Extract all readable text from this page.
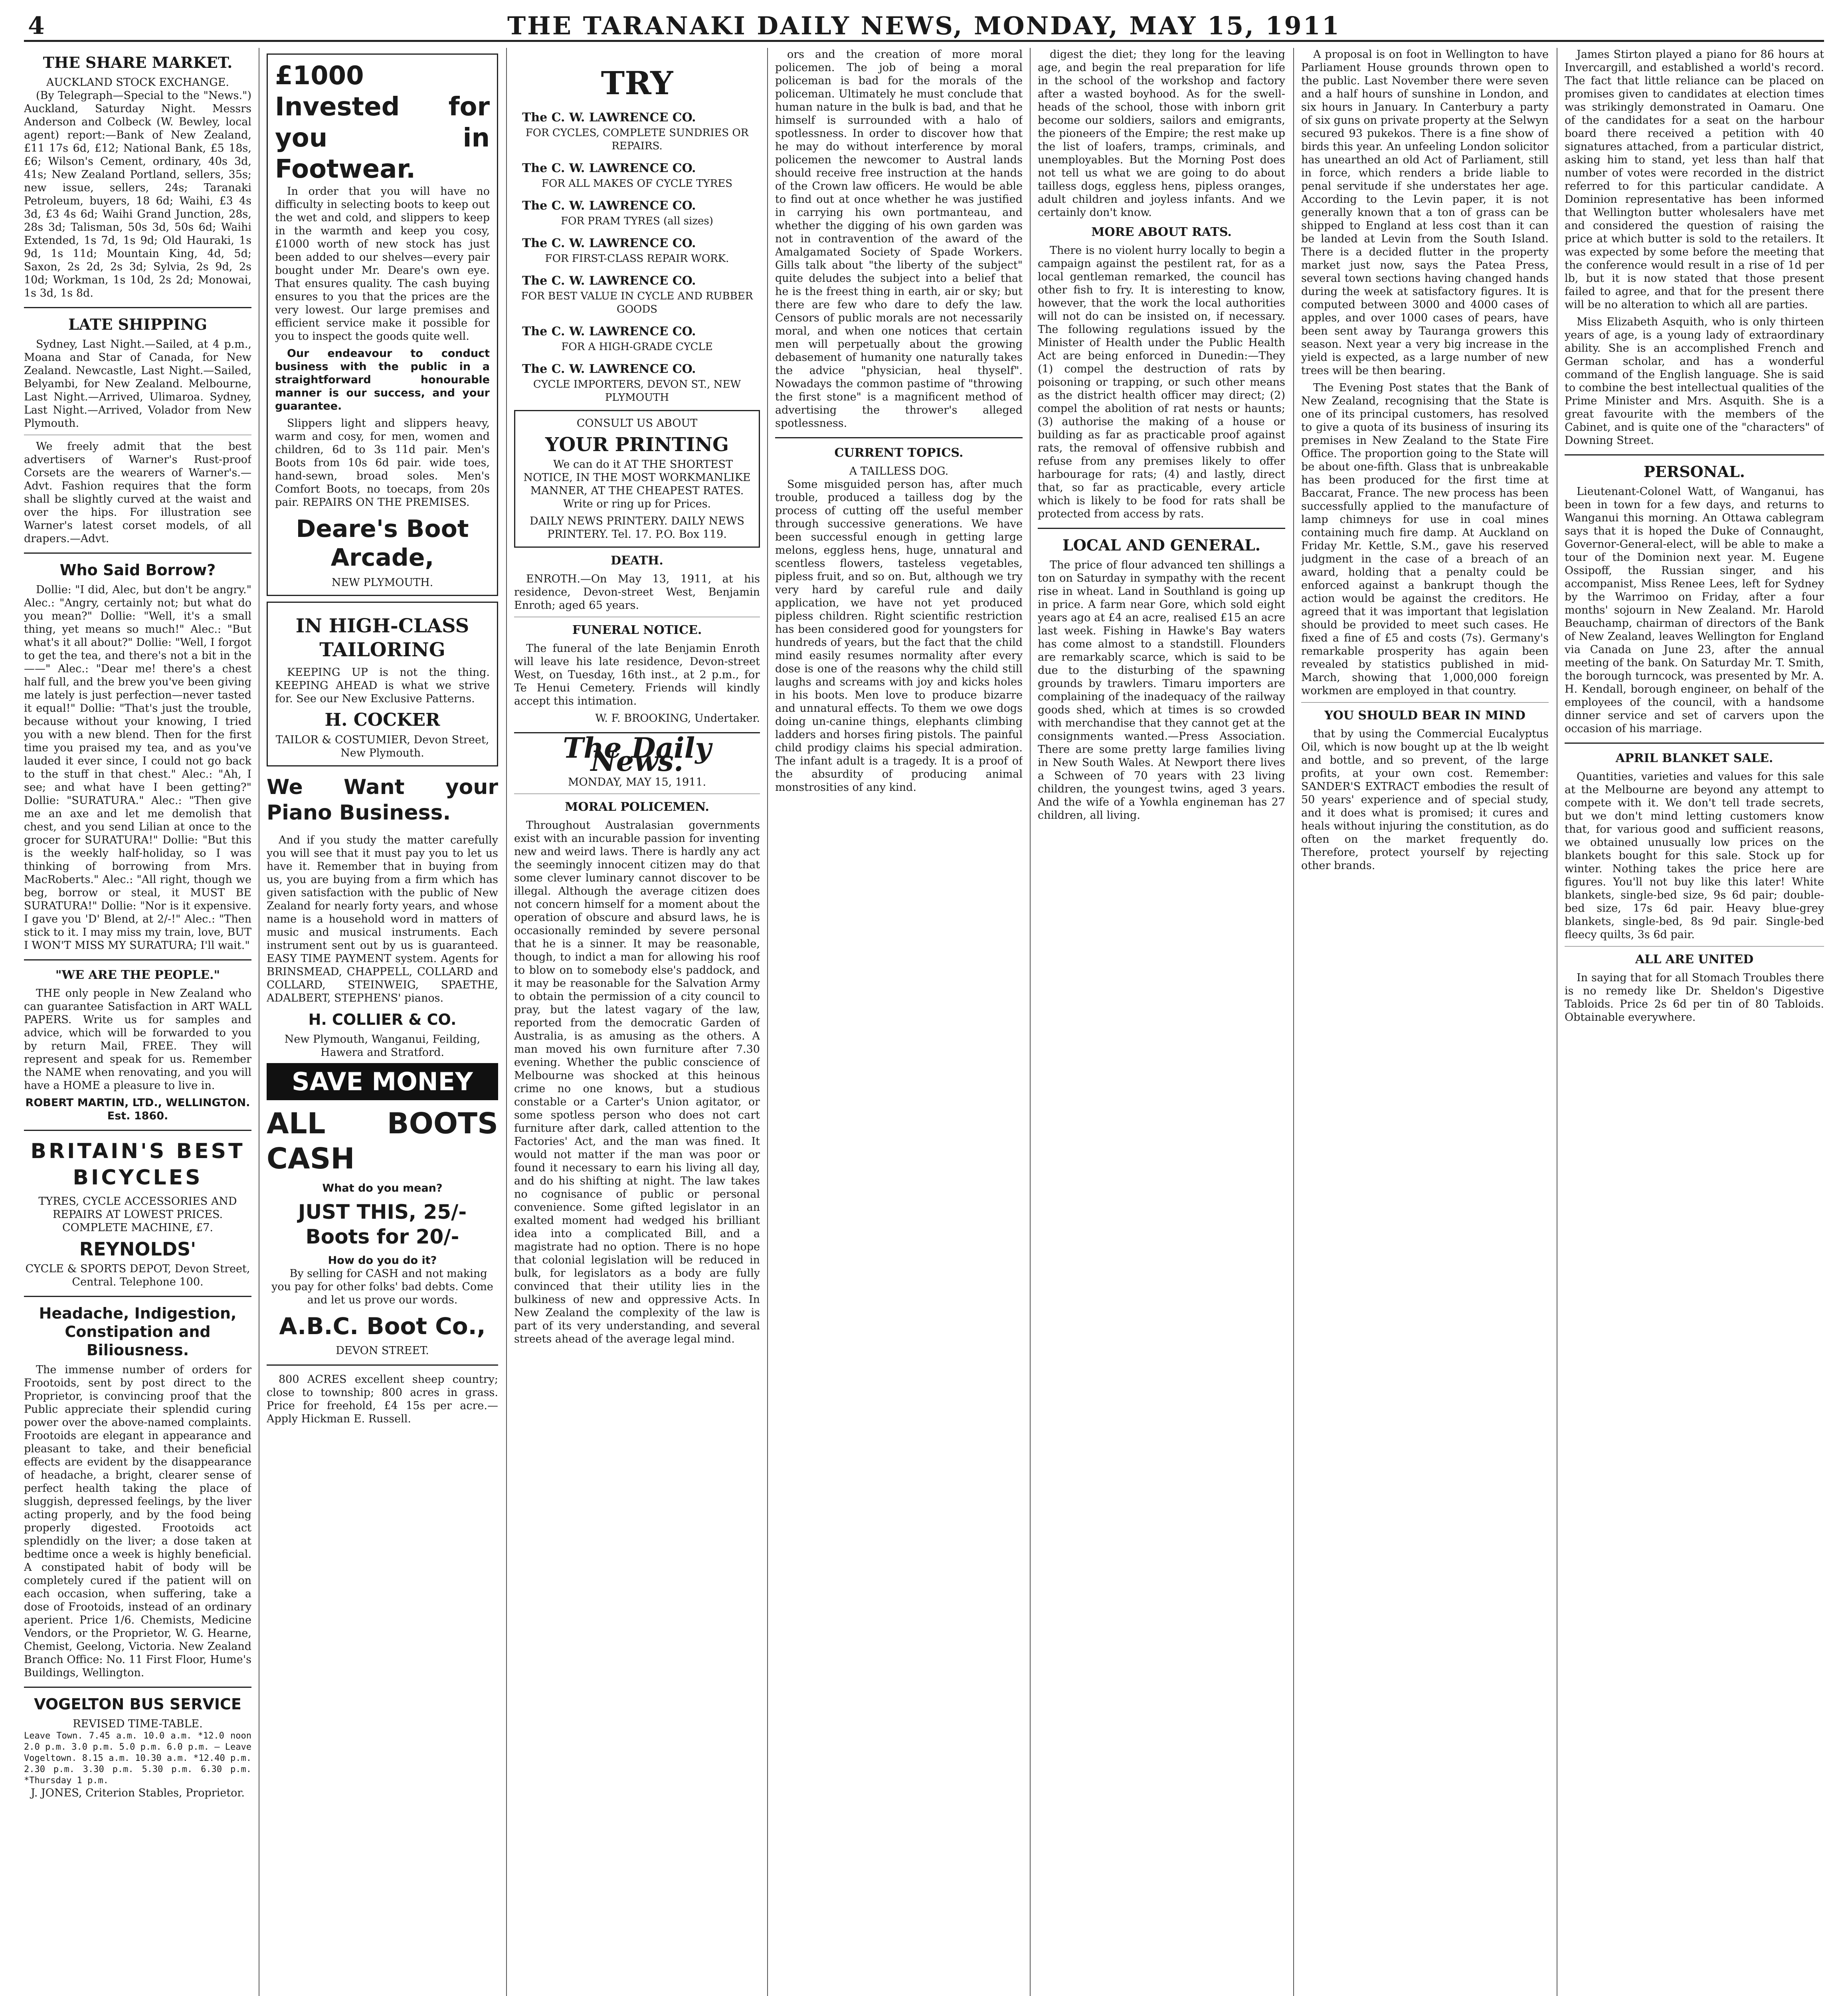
4	THE TARANAKI DAILY NEWS, MONDAY, MAY 15, 1911
THE SHARE MARKET.
AUCKLAND STOCK EXCHANGE.

(By Telegraph—Special to the "News.") Auckland, Saturday Night. Messrs Anderson and Colbeck (W. Bewley, local agent) report:—Bank of New Zealand, £11 17s 6d, £12; National Bank, £5 18s, £6; Wilson's Cement, ordinary, 40s 3d, 41s; New Zealand Portland, sellers, 35s; new issue, sellers, 24s; Taranaki Petroleum, buyers, 18 6d; Waihi, £3 4s 3d, £3 4s 6d; Waihi Grand Junction, 28s, 28s 3d; Talisman, 50s 3d, 50s 6d; Waihi Extended, 1s 7d, 1s 9d; Old Hauraki, 1s 9d, 1s 11d; Mountain King, 4d, 5d; Saxon, 2s 2d, 2s 3d; Sylvia, 2s 9d, 2s 10d; Workman, 1s 10d, 2s 2d; Monowai, 1s 3d, 1s 8d.

LATE SHIPPING

Sydney, Last Night.—Sailed, at 4 p.m., Moana and Star of Canada, for New Zealand. Newcastle, Last Night.—Sailed, Belyambi, for New Zealand. Melbourne, Last Night.—Arrived, Ulimaroa. Sydney, Last Night.—Arrived, Volador from New Plymouth.

We freely admit that the best advertisers of Warner's Rust-proof Corsets are the wearers of Warner's.—Advt. Fashion requires that the form shall be slightly curved at the waist and over the hips. For illustration see Warner's latest corset models, of all drapers.—Advt.

Who Said Borrow?

Dollie: "I did, Alec, but don't be angry." Alec.: "Angry, certainly not; but what do you mean?" Dollie: "Well, it's a small thing, yet means so much!" Alec.: "But what's it all about?" Dollie: "Well, I forgot to get the tea, and there's not a bit in the——" Alec.: "Dear me! there's a chest half full, and the brew you've been giving me lately is just perfection—never tasted it equal!" Dollie: "That's just the trouble, because without your knowing, I tried you with a new blend. Then for the first time you praised my tea, and as you've lauded it ever since, I could not go back to the stuff in that chest." Alec.: "Ah, I see; and what have I been getting?" Dollie: "SURATURA." Alec.: "Then give me an axe and let me demolish that chest, and you send Lilian at once to the grocer for SURATURA!" Dollie: "But this is the weekly half-holiday, so I was thinking of borrowing from Mrs. MacRoberts." Alec.: "All right, though we beg, borrow or steal, it MUST BE SURATURA!" Dollie: "Nor is it expensive. I gave you 'D' Blend, at 2/-!" Alec.: "Then stick to it. I may miss my train, love, BUT I WON'T MISS MY SURATURA; I'll wait."

"WE ARE THE PEOPLE."

THE only people in New Zealand who can guarantee Satisfaction in ART WALL PAPERS. Write us for samples and advice, which will be forwarded to you by return Mail, FREE. They will represent and speak for us. Remember the NAME when renovating, and you will have a HOME a pleasure to live in.

ROBERT MARTIN, LTD., WELLINGTON. Est. 1860.
BRITAIN'S BEST BICYCLES
TYRES, CYCLE ACCESSORIES AND REPAIRS AT LOWEST PRICES. COMPLETE MACHINE, £7.
REYNOLDS'
CYCLE & SPORTS DEPOT, Devon Street, Central. Telephone 100.
Headache, Indigestion, Constipation and Biliousness.

The immense number of orders for Frootoids, sent by post direct to the Proprietor, is convincing proof that the Public appreciate their splendid curing power over the above-named complaints. Frootoids are elegant in appearance and pleasant to take, and their beneficial effects are evident by the disappearance of headache, a bright, clearer sense of perfect health taking the place of sluggish, depressed feelings, by the liver acting properly, and by the food being properly digested. Frootoids act splendidly on the liver; a dose taken at bedtime once a week is highly beneficial. A constipated habit of body will be completely cured if the patient will on each occasion, when suffering, take a dose of Frootoids, instead of an ordinary aperient. Price 1/6. Chemists, Medicine Vendors, or the Proprietor, W. G. Hearne, Chemist, Geelong, Victoria. New Zealand Branch Office: No. 11 First Floor, Hume's Buildings, Wellington.

VOGELTON BUS SERVICE
REVISED TIME-TABLE.
Leave Town. 7.45 a.m. 10.0 a.m. *12.0 noon 2.0 p.m. 3.0 p.m. 5.0 p.m. 6.0 p.m. — Leave Vogeltown. 8.15 a.m. 10.30 a.m. *12.40 p.m. 2.30 p.m. 3.30 p.m. 5.30 p.m. 6.30 p.m. *Thursday 1 p.m.
J. JONES, Criterion Stables, Proprietor.
£1000 Invested for you in Footwear.

In order that you will have no difficulty in selecting boots to keep out the wet and cold, and slippers to keep in the warmth and keep you cosy, £1000 worth of new stock has just been added to our shelves—every pair bought under Mr. Deare's own eye. That ensures quality. The cash buying ensures to you that the prices are the very lowest. Our large premises and efficient service make it possible for you to inspect the goods quite well.

Our endeavour to conduct business with the public in a straightforward honourable manner is our success, and your guarantee.

Slippers light and slippers heavy, warm and cosy, for men, women and children, 6d to 3s 11d pair. Men's Boots from 10s 6d pair. wide toes, hand-sewn, broad soles. Men's Comfort Boots, no toecaps, from 20s pair. REPAIRS ON THE PREMISES.

Deare's Boot Arcade,
NEW PLYMOUTH.
IN HIGH-CLASS TAILORING

KEEPING UP is not the thing. KEEPING AHEAD is what we strive for. See our New Exclusive Patterns.

H. COCKER
TAILOR & COSTUMIER, Devon Street, New Plymouth.
We Want your Piano Business.

And if you study the matter carefully you will see that it must pay you to let us have it. Remember that in buying from us, you are buying from a firm which has given satisfaction with the public of New Zealand for nearly forty years, and whose name is a household word in matters of music and musical instruments. Each instrument sent out by us is guaranteed. EASY TIME PAYMENT system. Agents for BRINSMEAD, CHAPPELL, COLLARD and COLLARD, STEINWEIG, SPAETHE, ADALBERT, STEPHENS' pianos.

H. COLLIER & CO.
New Plymouth, Wanganui, Feilding, Hawera and Stratford.
SAVE MONEY
ALL BOOTS CASH
What do you mean?
JUST THIS, 25/- Boots for 20/-
How do you do it?

By selling for CASH and not making you pay for other folks' bad debts. Come and let us prove our words.

A.B.C. Boot Co.,
DEVON STREET.

800 ACRES excellent sheep country; close to township; 800 acres in grass. Price for freehold, £4 15s per acre.—Apply Hickman E. Russell.

TRY
The C. W. LAWRENCE CO.
FOR CYCLES, COMPLETE SUNDRIES OR REPAIRS.
The C. W. LAWRENCE CO.
FOR ALL MAKES OF CYCLE TYRES
The C. W. LAWRENCE CO.
FOR PRAM TYRES (all sizes)
The C. W. LAWRENCE CO.
FOR FIRST-CLASS REPAIR WORK.
The C. W. LAWRENCE CO.
FOR BEST VALUE IN CYCLE AND RUBBER GOODS
The C. W. LAWRENCE CO.
FOR A HIGH-GRADE CYCLE
The C. W. LAWRENCE CO.
CYCLE IMPORTERS, DEVON ST., NEW PLYMOUTH
CONSULT US ABOUT
YOUR PRINTING

We can do it AT THE SHORTEST NOTICE, IN THE MOST WORKMANLIKE MANNER, AT THE CHEAPEST RATES. Write or ring up for Prices.

DAILY NEWS PRINTERY. DAILY NEWS PRINTERY. Tel. 17. P.O. Box 119.
DEATH.

ENROTH.—On May 13, 1911, at his residence, Devon-street West, Benjamin Enroth; aged 65 years.

FUNERAL NOTICE.

The funeral of the late Benjamin Enroth will leave his late residence, Devon-street West, on Tuesday, 16th inst., at 2 p.m., for Te Henui Cemetery. Friends will kindly accept this intimation.

W. F. BROOKING, Undertaker.
The Daily News.
MONDAY, MAY 15, 1911.
MORAL POLICEMEN.

Throughout Australasian governments exist with an incurable passion for inventing new and weird laws. There is hardly any act the seemingly innocent citizen may do that some clever luminary cannot discover to be illegal. Although the average citizen does not concern himself for a moment about the operation of obscure and absurd laws, he is occasionally reminded by severe personal that he is a sinner. It may be reasonable, though, to indict a man for allowing his roof to blow on to somebody else's paddock, and it may be reasonable for the Salvation Army to obtain the permission of a city council to pray, but the latest vagary of the law, reported from the democratic Garden of Australia, is as amusing as the others. A man moved his own furniture after 7.30 evening. Whether the public conscience of Melbourne was shocked at this heinous crime no one knows, but a studious constable or a Carter's Union agitator, or some spotless person who does not cart furniture after dark, called attention to the Factories' Act, and the man was fined. It would not matter if the man was poor or found it necessary to earn his living all day, and do his shifting at night. The law takes no cognisance of public or personal convenience. Some gifted legislator in an exalted moment had wedged his brilliant idea into a complicated Bill, and a magistrate had no option. There is no hope that colonial legislation will be reduced in bulk, for legislators as a body are fully convinced that their utility lies in the bulkiness of new and oppressive Acts. In New Zealand the complexity of the law is part of its very understanding, and several streets ahead of the average legal mind.

ors and the creation of more moral policemen. The job of being a moral policeman is bad for the morals of the policeman. Ultimately he must conclude that human nature in the bulk is bad, and that he himself is surrounded with a halo of spotlessness. In order to discover how that he may do without interference by moral policemen the newcomer to Austral lands should receive free instruction at the hands of the Crown law officers. He would be able to find out at once whether he was justified in carrying his own portmanteau, and whether the digging of his own garden was not in contravention of the award of the Amalgamated Society of Spade Workers. Gills talk about "the liberty of the subject" quite deludes the subject into a belief that he is the freest thing in earth, air or sky; but there are few who dare to defy the law. Censors of public morals are not necessarily moral, and when one notices that certain men will perpetually about the growing debasement of humanity one naturally takes the advice "physician, heal thyself". Nowadays the common pastime of "throwing the first stone" is a magnificent method of advertising the thrower's alleged spotlessness.

CURRENT TOPICS.
A TAILLESS DOG.

Some misguided person has, after much trouble, produced a tailless dog by the process of cutting off the useful member through successive generations. We have been successful enough in getting large melons, eggless hens, huge, unnatural and scentless flowers, tasteless vegetables, pipless fruit, and so on. But, although we try very hard by careful rule and daily application, we have not yet produced pipless children. Right scientific restriction has been considered good for youngsters for hundreds of years, but the fact that the child mind easily resumes normality after every dose is one of the reasons why the child still laughs and screams with joy and kicks holes in his boots. Men love to produce bizarre and unnatural effects. To them we owe dogs doing un-canine things, elephants climbing ladders and horses firing pistols. The painful child prodigy claims his special admiration. The infant adult is a tragedy. It is a proof of the absurdity of producing animal monstrosities of any kind.

digest the diet; they long for the leaving age, and begin the real preparation for life in the school of the workshop and factory after a wasted boyhood. As for the swell-heads of the school, those with inborn grit become our soldiers, sailors and emigrants, the pioneers of the Empire; the rest make up the list of loafers, tramps, criminals, and unemployables. But the Morning Post does not tell us what we are going to do about tailless dogs, eggless hens, pipless oranges, adult children and joyless infants. And we certainly don't know.

MORE ABOUT RATS.

There is no violent hurry locally to begin a campaign against the pestilent rat, for as a local gentleman remarked, the council has other fish to fry. It is interesting to know, however, that the work the local authorities will not do can be insisted on, if necessary. The following regulations issued by the Minister of Health under the Public Health Act are being enforced in Dunedin:—They (1) compel the destruction of rats by poisoning or trapping, or such other means as the district health officer may direct; (2) compel the abolition of rat nests or haunts; (3) authorise the making of a house or building as far as practicable proof against rats, the removal of offensive rubbish and refuse from any premises likely to offer harbourage for rats; (4) and lastly, direct that, so far as practicable, every article which is likely to be food for rats shall be protected from access by rats.

LOCAL AND GENERAL.

The price of flour advanced ten shillings a ton on Saturday in sympathy with the recent rise in wheat. Land in Southland is going up in price. A farm near Gore, which sold eight years ago at £4 an acre, realised £15 an acre last week. Fishing in Hawke's Bay waters has come almost to a standstill. Flounders are remarkably scarce, which is said to be due to the disturbing of the spawning grounds by trawlers. Timaru importers are complaining of the inadequacy of the railway goods shed, which at times is so crowded with merchandise that they cannot get at the consignments wanted.—Press Association. There are some pretty large families living in New South Wales. At Newport there lives a Schween of 70 years with 23 living children, the youngest twins, aged 3 years. And the wife of a Yowhla engineman has 27 children, all living.

A proposal is on foot in Wellington to have Parliament House grounds thrown open to the public. Last November there were seven and a half hours of sunshine in London, and six hours in January. In Canterbury a party of six guns on private property at the Selwyn secured 93 pukekos. There is a fine show of birds this year. An unfeeling London solicitor has unearthed an old Act of Parliament, still in force, which renders a bride liable to penal servitude if she understates her age. According to the Levin paper, it is not generally known that a ton of grass can be shipped to England at less cost than it can be landed at Levin from the South Island. There is a decided flutter in the property market just now, says the Patea Press, several town sections having changed hands during the week at satisfactory figures. It is computed between 3000 and 4000 cases of apples, and over 1000 cases of pears, have been sent away by Tauranga growers this season. Next year a very big increase in the yield is expected, as a large number of new trees will be then bearing.

The Evening Post states that the Bank of New Zealand, recognising that the State is one of its principal customers, has resolved to give a quota of its business of insuring its premises in New Zealand to the State Fire Office. The proportion going to the State will be about one-fifth. Glass that is unbreakable has been produced for the first time at Baccarat, France. The new process has been successfully applied to the manufacture of lamp chimneys for use in coal mines containing much fire damp. At Auckland on Friday Mr. Kettle, S.M., gave his reserved judgment in the case of a breach of an award, holding that a penalty could be enforced against a bankrupt though the action would be against the creditors. He agreed that it was important that legislation should be provided to meet such cases. He fixed a fine of £5 and costs (7s). Germany's remarkable prosperity has again been revealed by statistics published in mid-March, showing that 1,000,000 foreign workmen are employed in that country.

YOU SHOULD BEAR IN MIND

that by using the Commercial Eucalyptus Oil, which is now bought up at the lb weight and bottle, and so prevent, of the large profits, at your own cost. Remember: SANDER'S EXTRACT embodies the result of 50 years' experience and of special study, and it does what is promised; it cures and heals without injuring the constitution, as do often on the market frequently do. Therefore, protect yourself by rejecting other brands.

James Stirton played a piano for 86 hours at Invercargill, and established a world's record. The fact that little reliance can be placed on promises given to candidates at election times was strikingly demonstrated in Oamaru. One of the candidates for a seat on the harbour board there received a petition with 40 signatures attached, from a particular district, asking him to stand, yet less than half that number of votes were recorded in the district referred to for this particular candidate. A Dominion representative has been informed that Wellington butter wholesalers have met and considered the question of raising the price at which butter is sold to the retailers. It was expected by some before the meeting that the conference would result in a rise of 1d per lb, but it is now stated that those present failed to agree, and that for the present there will be no alteration to which all are parties.

Miss Elizabeth Asquith, who is only thirteen years of age, is a young lady of extraordinary ability. She is an accomplished French and German scholar, and has a wonderful command of the English language. She is said to combine the best intellectual qualities of the Prime Minister and Mrs. Asquith. She is a great favourite with the members of the Cabinet, and is quite one of the "characters" of Downing Street.

PERSONAL.

Lieutenant-Colonel Watt, of Wanganui, has been in town for a few days, and returns to Wanganui this morning. An Ottawa cablegram says that it is hoped the Duke of Connaught, Governor-General-elect, will be able to make a tour of the Dominion next year. M. Eugene Ossipoff, the Russian singer, and his accompanist, Miss Renee Lees, left for Sydney by the Warrimoo on Friday, after a four months' sojourn in New Zealand. Mr. Harold Beauchamp, chairman of directors of the Bank of New Zealand, leaves Wellington for England via Canada on June 23, after the annual meeting of the bank. On Saturday Mr. T. Smith, the borough turncock, was presented by Mr. A. H. Kendall, borough engineer, on behalf of the employees of the council, with a handsome dinner service and set of carvers upon the occasion of his marriage.

APRIL BLANKET SALE.

Quantities, varieties and values for this sale at the Melbourne are beyond any attempt to compete with it. We don't tell trade secrets, but we don't mind letting customers know that, for various good and sufficient reasons, we obtained unusually low prices on the blankets bought for this sale. Stock up for winter. Nothing takes the price here are figures. You'll not buy like this later! White blankets, single-bed size, 9s 6d pair; double-bed size, 17s 6d pair. Heavy blue-grey blankets, single-bed, 8s 9d pair. Single-bed fleecy quilts, 3s 6d pair.

ALL ARE UNITED

In saying that for all Stomach Troubles there is no remedy like Dr. Sheldon's Digestive Tabloids. Price 2s 6d per tin of 80 Tabloids. Obtainable everywhere.
